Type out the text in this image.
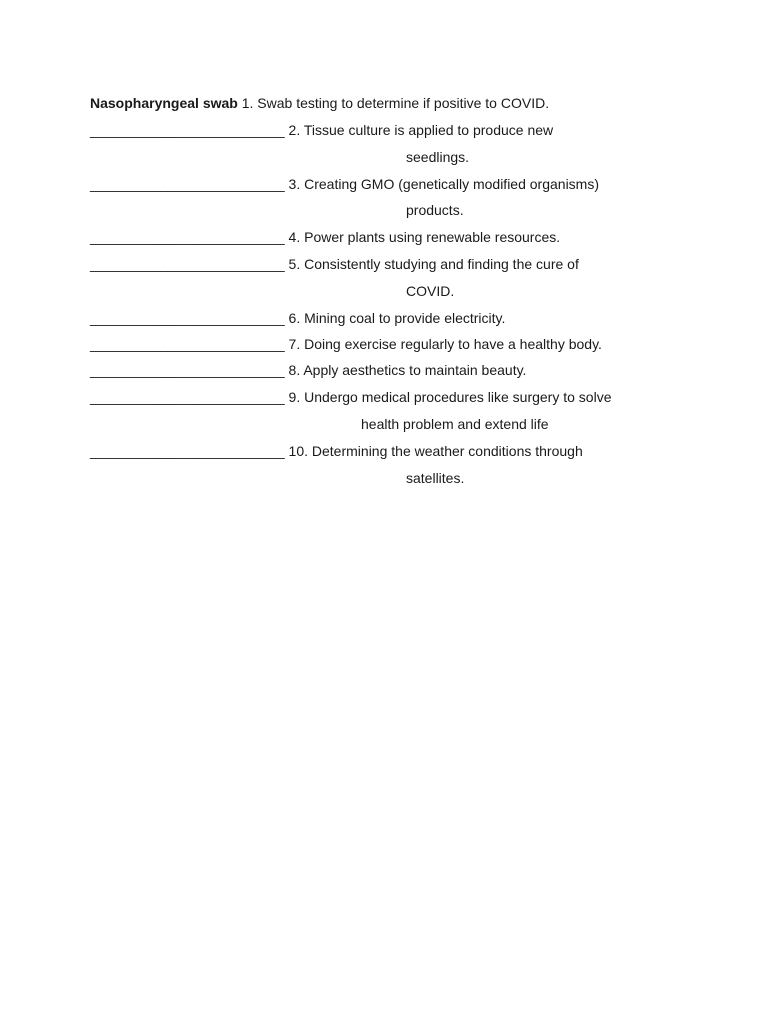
Nasopharyngeal swab 1. Swab testing to determine if positive to COVID.
_________________________ 2. Tissue culture is applied to produce new
seedlings.
_________________________ 3. Creating GMO (genetically modified organisms)
products.
_________________________ 4. Power plants using renewable resources.
_________________________ 5. Consistently studying and finding the cure of
COVID.
_________________________ 6. Mining coal to provide electricity.
_________________________ 7. Doing exercise regularly to have a healthy body.
_________________________ 8. Apply aesthetics to maintain beauty.
_________________________ 9. Undergo medical procedures like surgery to solve
health problem and extend life
_________________________ 10. Determining the weather conditions through
satellites.
